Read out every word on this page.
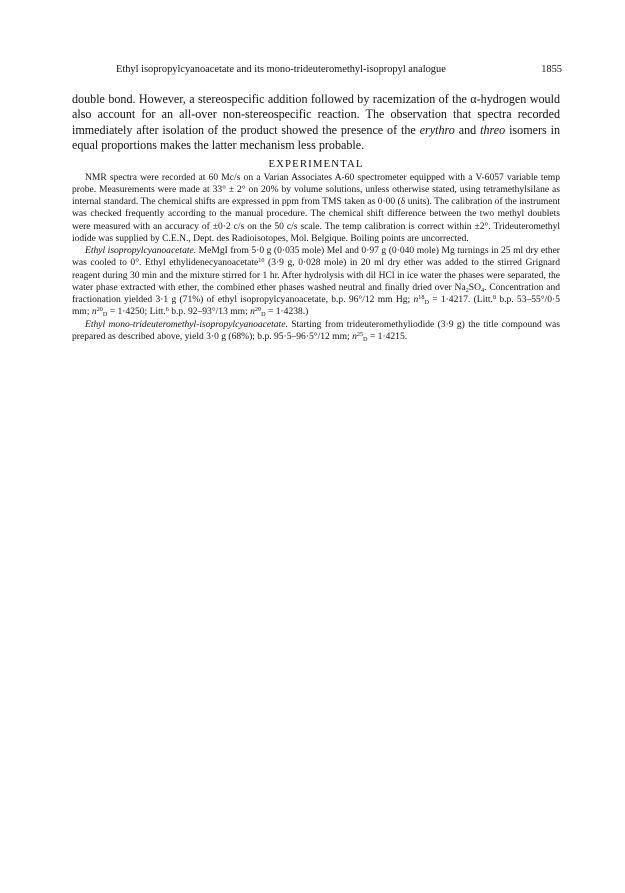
Ethyl isopropylcyanoacetate and its mono-trideuteromethyl-isopropyl analogue	1855
double bond. However, a stereospecific addition followed by racemization of the α-hydrogen would also account for an all-over non-stereospecific reaction. The observation that spectra recorded immediately after isolation of the product showed the presence of the erythro and threo isomers in equal proportions makes the latter mechanism less probable.
EXPERIMENTAL

NMR spectra were recorded at 60 Mc/s on a Varian Associates A-60 spectrometer equipped with a V-6057 variable temp probe. Measurements were made at 33° ± 2° on 20% by volume solutions, unless otherwise stated, using tetramethylsilane as internal standard. The chemical shifts are expressed in ppm from TMS taken as 0·00 (δ units). The calibration of the instrument was checked frequently according to the manual procedure. The chemical shift difference between the two methyl doublets were measured with an accuracy of ±0·2 c/s on the 50 c/s scale. The temp calibration is correct within ±2°. Trideuteromethyl iodide was supplied by C.E.N., Dept. des Radioisotopes, Mol. Belgique. Boiling points are uncorrected.

Ethyl isopropylcyanoacetate. MeMgI from 5·0 g (0·035 mole) MeI and 0·97 g (0·040 mole) Mg turnings in 25 ml dry ether was cooled to 0°. Ethyl ethylidenecyanoacetate$^{10}$ (3·9 g, 0·028 mole) in 20 ml dry ether was added to the stirred Grignard reagent during 30 min and the mixture stirred for 1 hr. After hydrolysis with dil HCl in ice water the phases were separated, the water phase extracted with ether, the combined ether phases washed neutral and finally dried over $Na_2SO_4$. Concentration and fractionation yielded 3·1 g (71%) of ethyl isopropylcyanoacetate, b.p. 96°/12 mm Hg; $n^{18}_D = 1\cdot 4217$. (Litt.$^8$ b.p. 53–55°/0·5 mm; $n^{20}_D = 1\cdot 4250$; Litt.$^6$ b.p. 92–93°/13 mm; $n^{20}_D = 1\cdot 4238$.)

Ethyl mono-trideuteromethyl-isopropylcyanoacetate. Starting from trideuteromethyliodide (3·9 g) the title compound was prepared as described above, yield 3·0 g (68%); b.p. 95·5–96·5°/12 mm; $n^{25}_D = 1\cdot 4215$.
